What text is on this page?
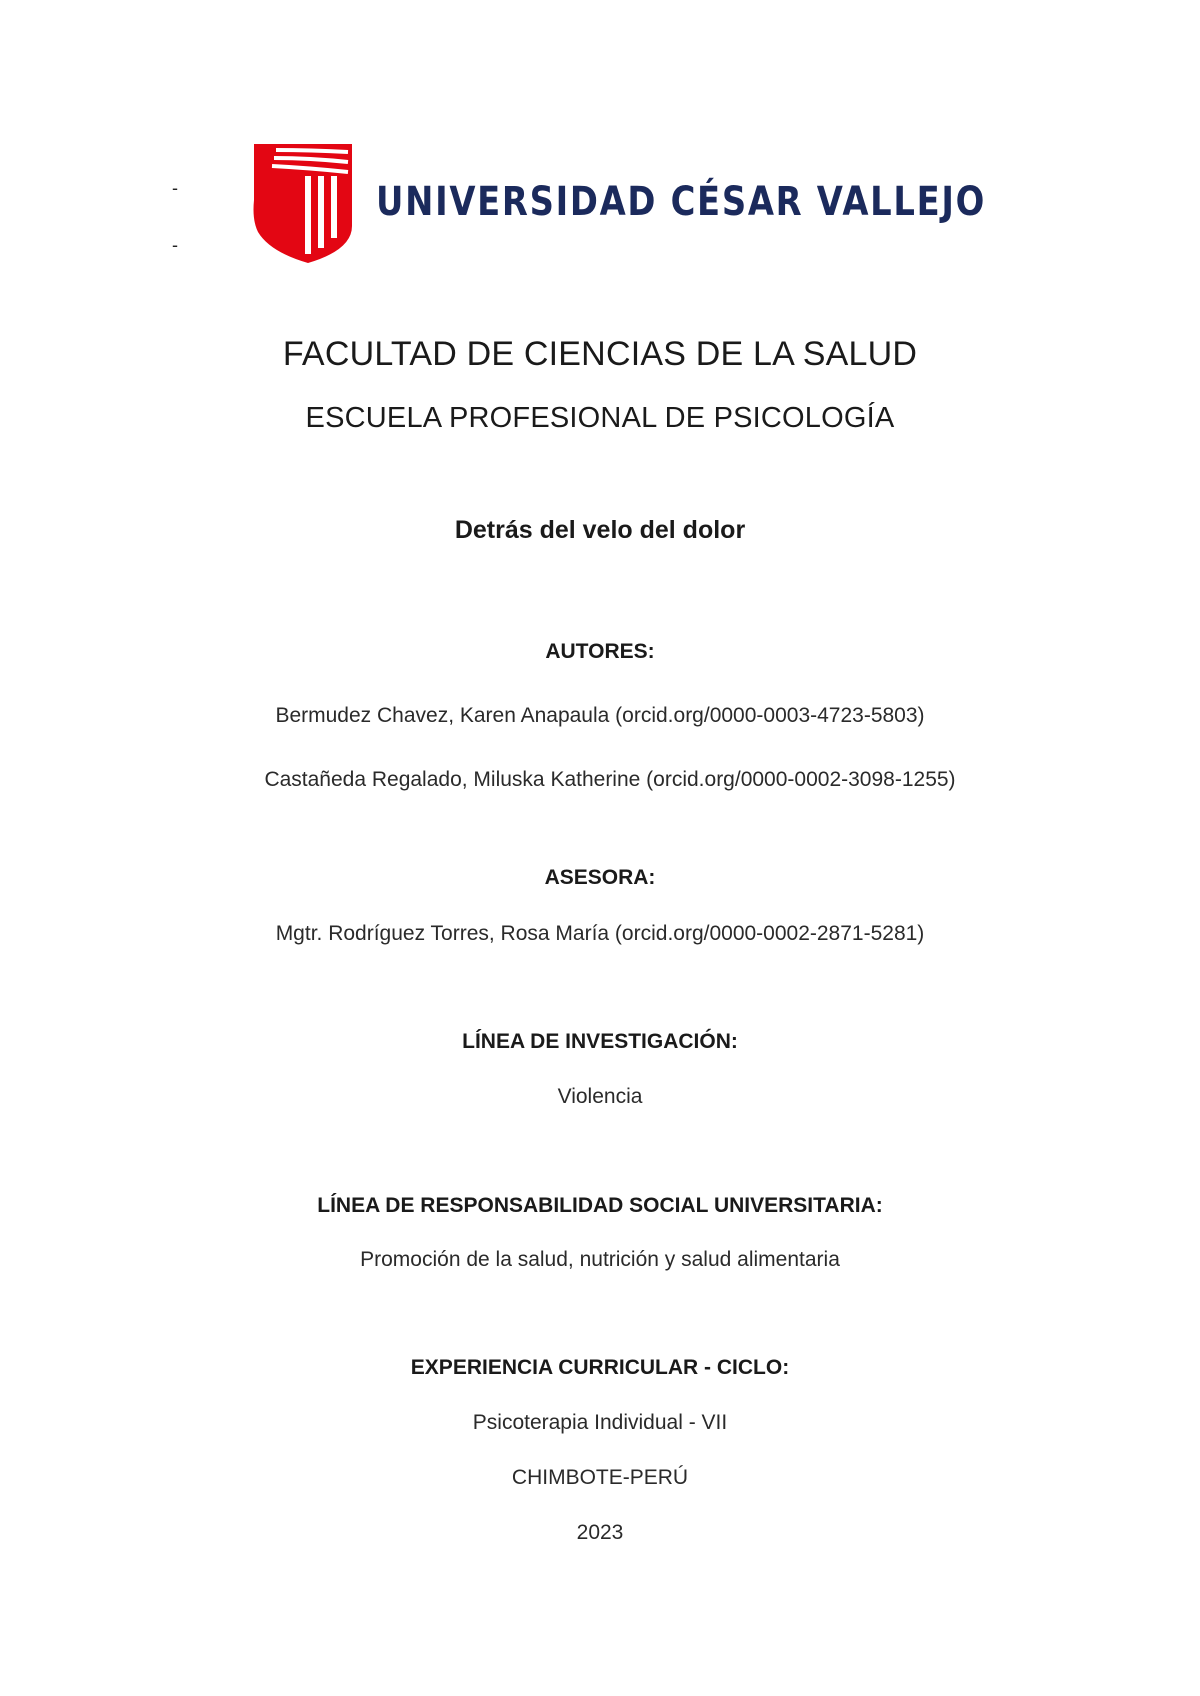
-
-
UNIVERSIDAD CÉSAR VALLEJO
FACULTAD DE CIENCIAS DE LA SALUD
ESCUELA PROFESIONAL DE PSICOLOGÍA
Detrás del velo del dolor
AUTORES:
Bermudez Chavez, Karen Anapaula (orcid.org/0000-0003-4723-5803)
Castañeda Regalado, Miluska Katherine (orcid.org/0000-0002-3098-1255)
ASESORA:
Mgtr. Rodríguez Torres, Rosa María (orcid.org/0000-0002-2871-5281)
LÍNEA DE INVESTIGACIÓN:
Violencia
LÍNEA DE RESPONSABILIDAD SOCIAL UNIVERSITARIA:
Promoción de la salud, nutrición y salud alimentaria
EXPERIENCIA CURRICULAR - CICLO:
Psicoterapia Individual - VII
CHIMBOTE-PERÚ
2023
